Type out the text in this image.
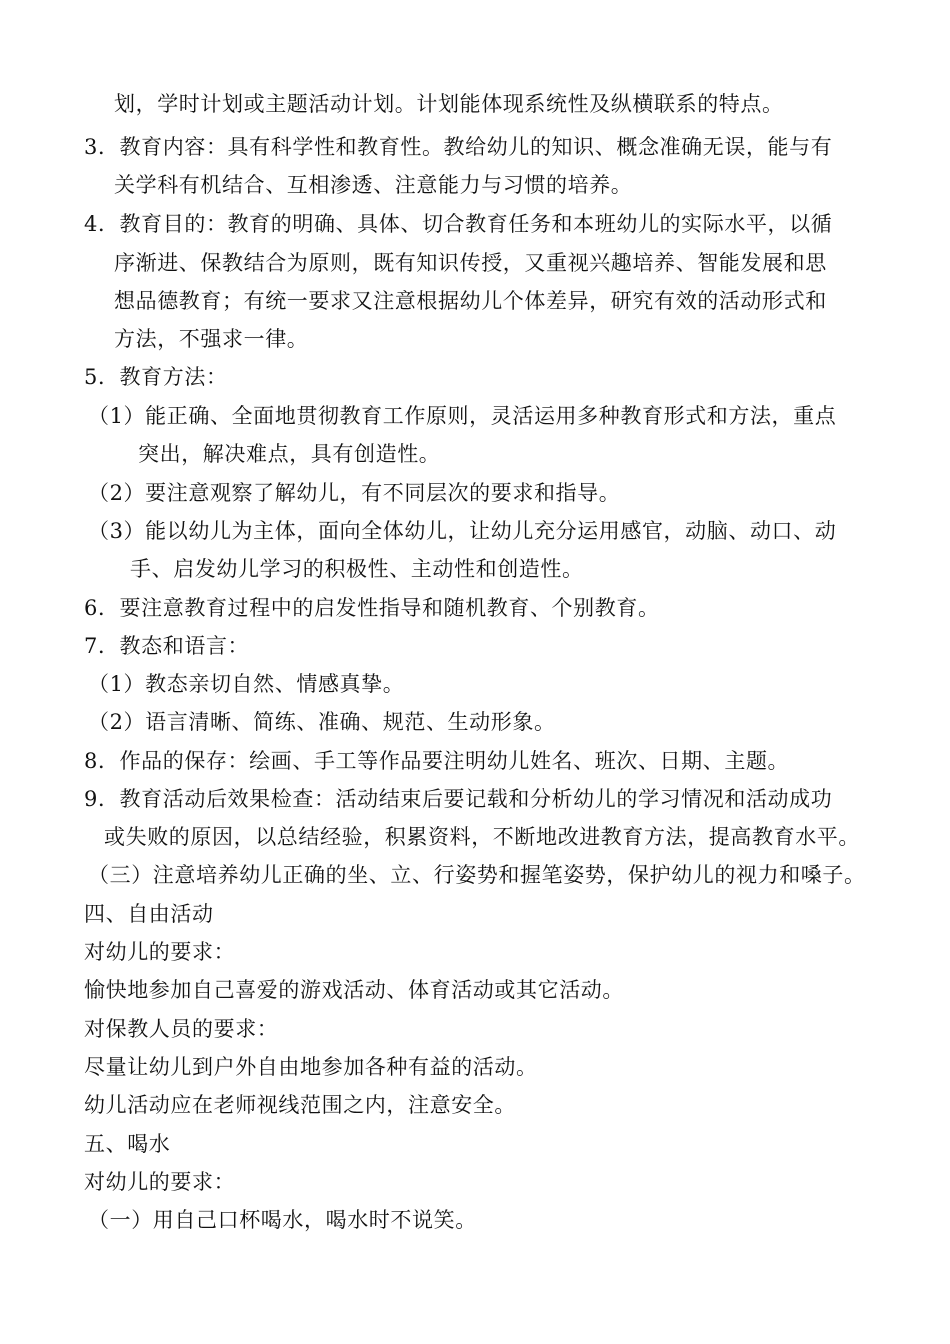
划，学时计划或主题活动计划。计划能体现系统性及纵横联系的特点。
3．教育内容：具有科学性和教育性。教给幼儿的知识、概念准确无误，能与有
关学科有机结合、互相渗透、注意能力与习惯的培养。
4．教育目的：教育的明确、具体、切合教育任务和本班幼儿的实际水平，以循
序渐进、保教结合为原则，既有知识传授，又重视兴趣培养、智能发展和思
想品德教育；有统一要求又注意根据幼儿个体差异，研究有效的活动形式和
方法，不强求一律。
5．教育方法：
（1）能正确、全面地贯彻教育工作原则，灵活运用多种教育形式和方法，重点
突出，解决难点，具有创造性。
（2）要注意观察了解幼儿，有不同层次的要求和指导。
（3）能以幼儿为主体，面向全体幼儿，让幼儿充分运用感官，动脑、动口、动
手、启发幼儿学习的积极性、主动性和创造性。
6．要注意教育过程中的启发性指导和随机教育、个别教育。
7．教态和语言：
（1）教态亲切自然、情感真挚。
（2）语言清晰、简练、准确、规范、生动形象。
8．作品的保存：绘画、手工等作品要注明幼儿姓名、班次、日期、主题。
9．教育活动后效果检查：活动结束后要记载和分析幼儿的学习情况和活动成功
或失败的原因，以总结经验，积累资料，不断地改进教育方法，提高教育水平。
（三）注意培养幼儿正确的坐、立、行姿势和握笔姿势，保护幼儿的视力和嗓子。
四、自由活动
对幼儿的要求：
愉快地参加自己喜爱的游戏活动、体育活动或其它活动。
对保教人员的要求：
尽量让幼儿到户外自由地参加各种有益的活动。
幼儿活动应在老师视线范围之内，注意安全。
五、喝水
对幼儿的要求：
（一）用自己口杯喝水，喝水时不说笑。
